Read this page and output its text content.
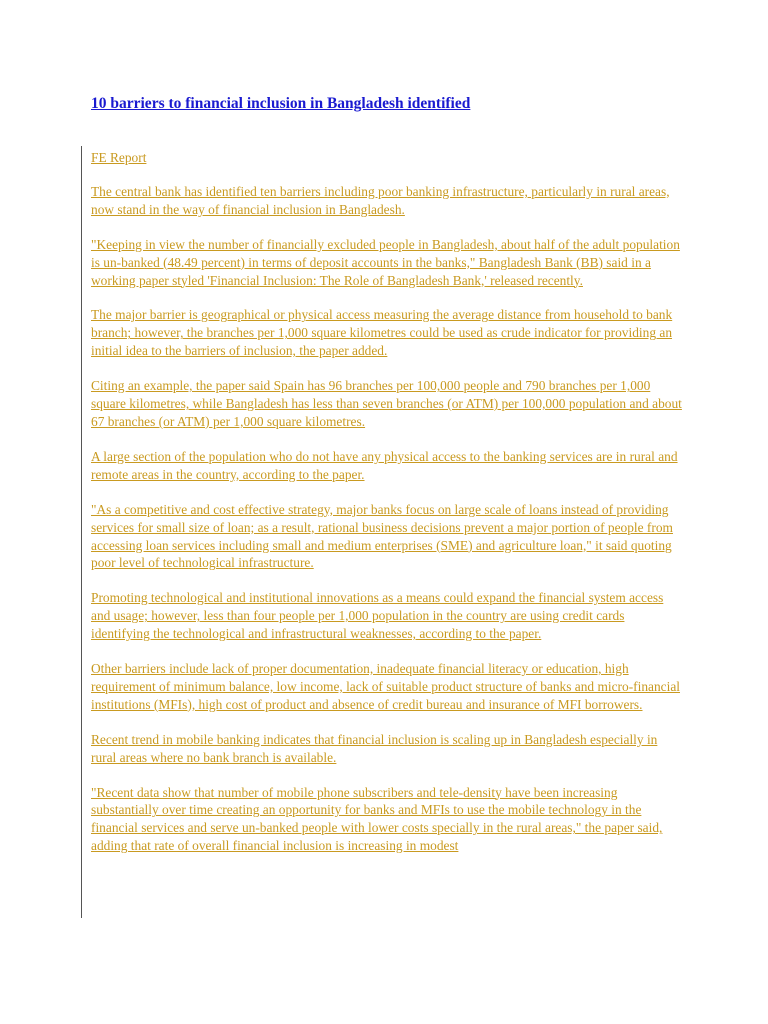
10 barriers to financial inclusion in Bangladesh identified

FE Report

The central bank has identified ten barriers including poor banking infrastructure, particularly in rural areas, now stand in the way of financial inclusion in Bangladesh.

"Keeping in view the number of financially excluded people in Bangladesh, about half of the adult population is un-banked (48.49 percent) in terms of deposit accounts in the banks," Bangladesh Bank (BB) said in a working paper styled 'Financial Inclusion: The Role of Bangladesh Bank,' released recently.

The major barrier is geographical or physical access measuring the average distance from household to bank branch; however, the branches per 1,000 square kilometres could be used as crude indicator for providing an initial idea to the barriers of inclusion, the paper added.

Citing an example, the paper said Spain has 96 branches per 100,000 people and 790 branches per 1,000 square kilometres, while Bangladesh has less than seven branches (or ATM) per 100,000 population and about 67 branches (or ATM) per 1,000 square kilometres.

A large section of the population who do not have any physical access to the banking services are in rural and remote areas in the country, according to the paper.

"As a competitive and cost effective strategy, major banks focus on large scale of loans instead of providing services for small size of loan; as a result, rational business decisions prevent a major portion of people from accessing loan services including small and medium enterprises (SME) and agriculture loan," it said quoting poor level of technological infrastructure.

Promoting technological and institutional innovations as a means could expand the financial system access and usage; however, less than four people per 1,000 population in the country are using credit cards identifying the technological and infrastructural weaknesses, according to the paper.

Other barriers include lack of proper documentation, inadequate financial literacy or education, high requirement of minimum balance, low income, lack of suitable product structure of banks and micro-financial institutions (MFIs), high cost of product and absence of credit bureau and insurance of MFI borrowers.

Recent trend in mobile banking indicates that financial inclusion is scaling up in Bangladesh especially in rural areas where no bank branch is available.

"Recent data show that number of mobile phone subscribers and tele-density have been increasing substantially over time creating an opportunity for banks and MFIs to use the mobile technology in the financial services and serve un-banked people with lower costs specially in the rural areas," the paper said, adding that rate of overall financial inclusion is increasing in modest
